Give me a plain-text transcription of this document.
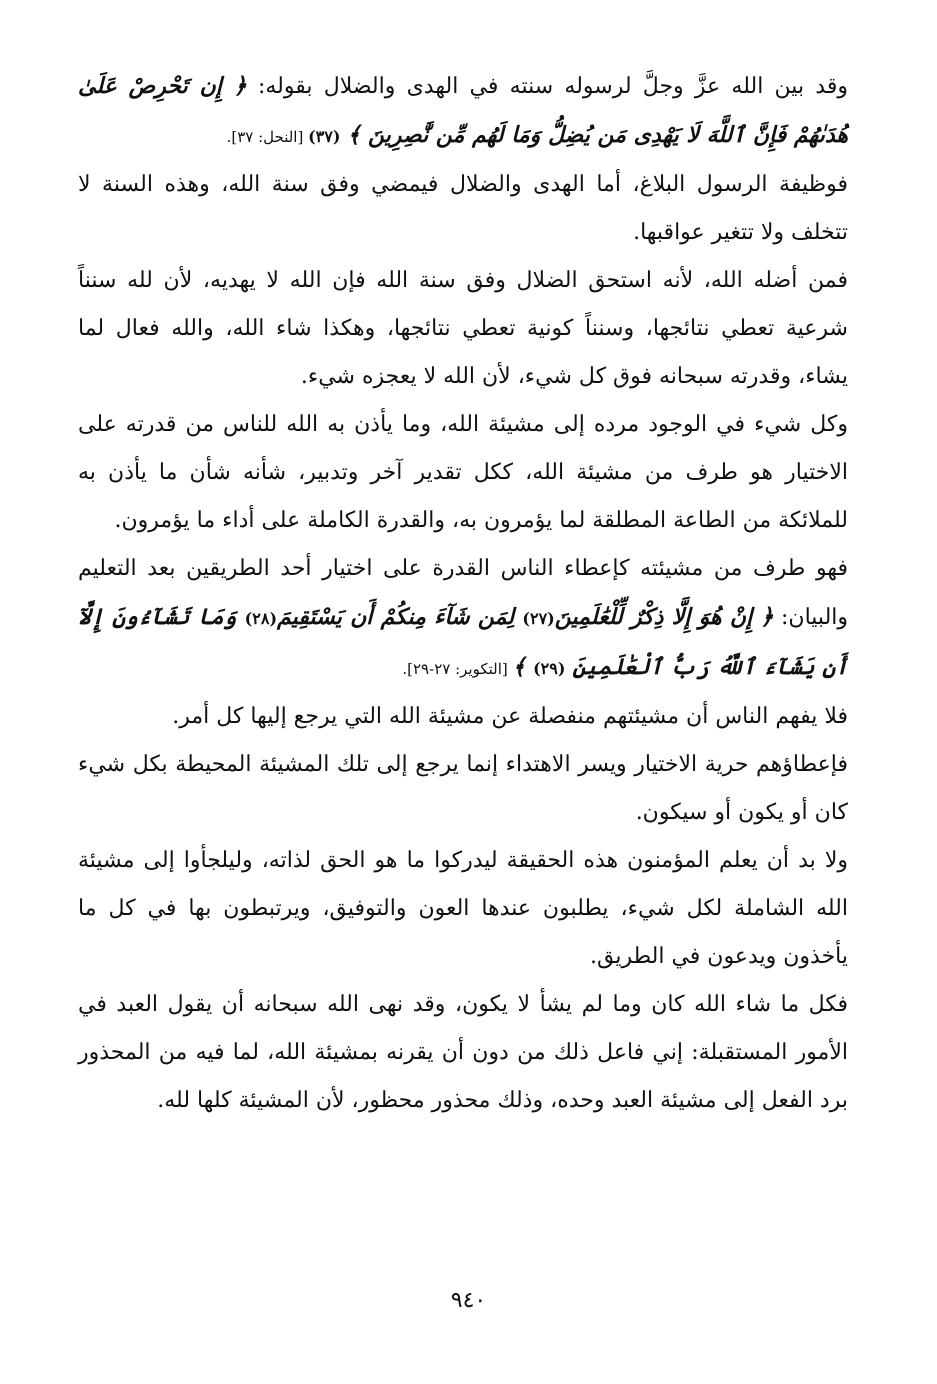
وقد بين الله عزَّ وجلَّ لرسوله سنته في الهدى والضلال بقوله: ﴿ إِن تَحْرِصْ عَلَىٰ هُدَىٰهُمْ فَإِنَّ ٱللَّهَ لَا يَهْدِى مَن يُضِلُّ وَمَا لَهُم مِّن نَّٰصِرِينَ ﴾ (٣٧) [النحل: ٣٧].

فوظيفة الرسول البلاغ، أما الهدى والضلال فيمضي وفق سنة الله، وهذه السنة لا تتخلف ولا تتغير عواقبها.

فمن أضله الله، لأنه استحق الضلال وفق سنة الله فإن الله لا يهديه، لأن لله سنناً شرعية تعطي نتائجها، وسنناً كونية تعطي نتائجها، وهكذا شاء الله، والله فعال لما يشاء، وقدرته سبحانه فوق كل شيء، لأن الله لا يعجزه شيء.

وكل شيء في الوجود مرده إلى مشيئة الله، وما يأذن به الله للناس من قدرته على الاختيار هو طرف من مشيئة الله، ككل تقدير آخر وتدبير، شأنه شأن ما يأذن به للملائكة من الطاعة المطلقة لما يؤمرون به، والقدرة الكاملة على أداء ما يؤمرون.

فهو طرف من مشيئته كإعطاء الناس القدرة على اختيار أحد الطريقين بعد التعليم والبيان: ﴿ إِنْ هُوَ إِلَّا ذِكْرٌ لِّلْعَٰلَمِينَ(٢٧) لِمَن شَآءَ مِنكُمْ أَن يَسْتَقِيمَ(٢٨) وَمَا تَشَآءُونَ إِلَّآ أَن يَشَآءَ ٱللَّهُ رَبُّ ٱلْعَٰلَمِينَ (٢٩) ﴾ [التكوير: ٢٧-٢٩].

فلا يفهم الناس أن مشيئتهم منفصلة عن مشيئة الله التي يرجع إليها كل أمر.

فإعطاؤهم حرية الاختيار ويسر الاهتداء إنما يرجع إلى تلك المشيئة المحيطة بكل شيء كان أو يكون أو سيكون.

ولا بد أن يعلم المؤمنون هذه الحقيقة ليدركوا ما هو الحق لذاته، وليلجأوا إلى مشيئة الله الشاملة لكل شيء، يطلبون عندها العون والتوفيق، ويرتبطون بها في كل ما يأخذون ويدعون في الطريق.

فكل ما شاء الله كان وما لم يشأ لا يكون، وقد نهى الله سبحانه أن يقول العبد في الأمور المستقبلة: إني فاعل ذلك من دون أن يقرنه بمشيئة الله، لما فيه من المحذور برد الفعل إلى مشيئة العبد وحده، وذلك محذور محظور، لأن المشيئة كلها لله.

٩٤٠
